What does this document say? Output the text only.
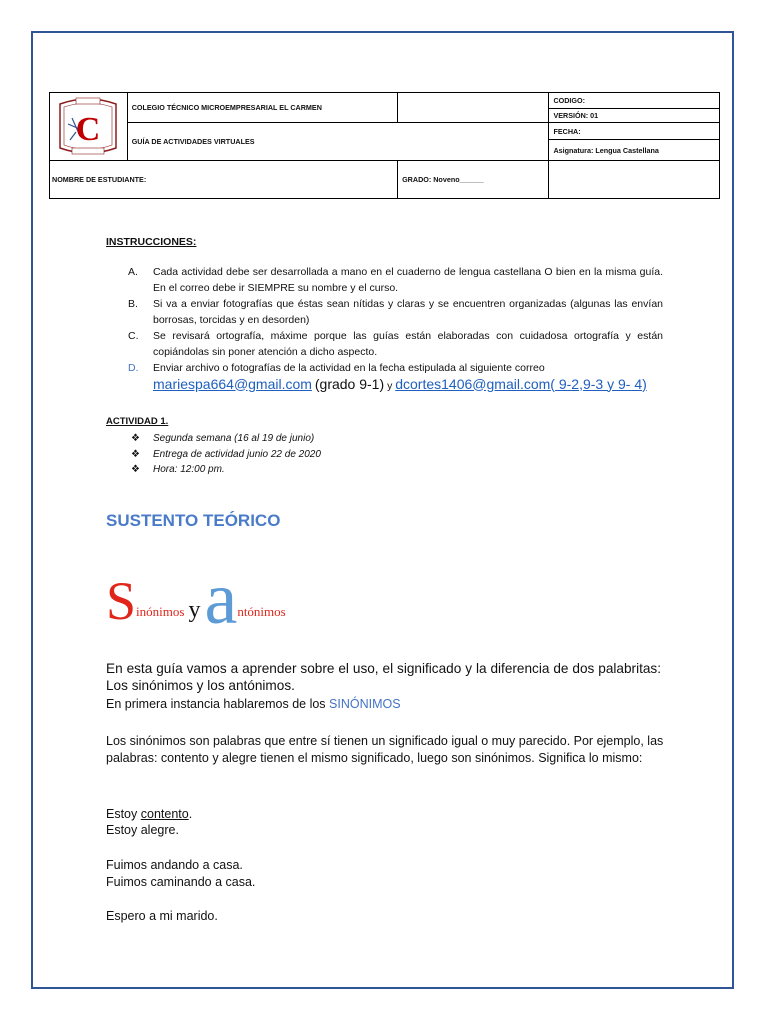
C	COLEGIO TÉCNICO MICROEMPRESARIAL EL CARMEN		CODIGO:
			VERSIÓN: 01
	GUÍA DE ACTIVIDADES VIRTUALES		FECHA:
			Asignatura: Lengua Castellana
NOMBRE DE ESTUDIANTE:		GRADO: Noveno______	
INSTRUCCIONES:
A.	Cada actividad debe ser desarrollada a mano en el cuaderno de lengua castellana O bien en la misma guía. En el correo debe ir SIEMPRE su nombre y el curso.
B.	Si va a enviar fotografías que éstas sean nítidas y claras y se encuentren organizadas (algunas las envían borrosas, torcidas y en desorden)
C.	Se revisará ortografía, máxime porque las guías están elaboradas con cuidadosa ortografía y están copiándolas sin poner atención a dicho aspecto.
D.	Enviar archivo o fotografías de la actividad en la fecha estipulada al siguiente correo
mariespa664@gmail.com (grado 9-1) y dcortes1406@gmail.com( 9-2,9-3 y 9- 4)
ACTIVIDAD 1.
❖	Segunda semana (16 al 19 de junio)
❖	Entrega de actividad junio 22 de 2020
❖	Hora: 12:00 pm.
SUSTENTO TEÓRICO
S inónimos y a ntónimos
En esta guía vamos a aprender sobre el uso, el significado y la diferencia de dos palabritas: Los sinónimos y los antónimos.
En primera instancia hablaremos de los SINÓNIMOS
Los sinónimos son palabras que entre sí tienen un significado igual o muy parecido. Por ejemplo, las palabras: contento y alegre tienen el mismo significado, luego son sinónimos. Significa lo mismo:
Estoy contento.
Estoy alegre.
Fuimos andando a casa.
Fuimos caminando a casa.
Espero a mi marido.
